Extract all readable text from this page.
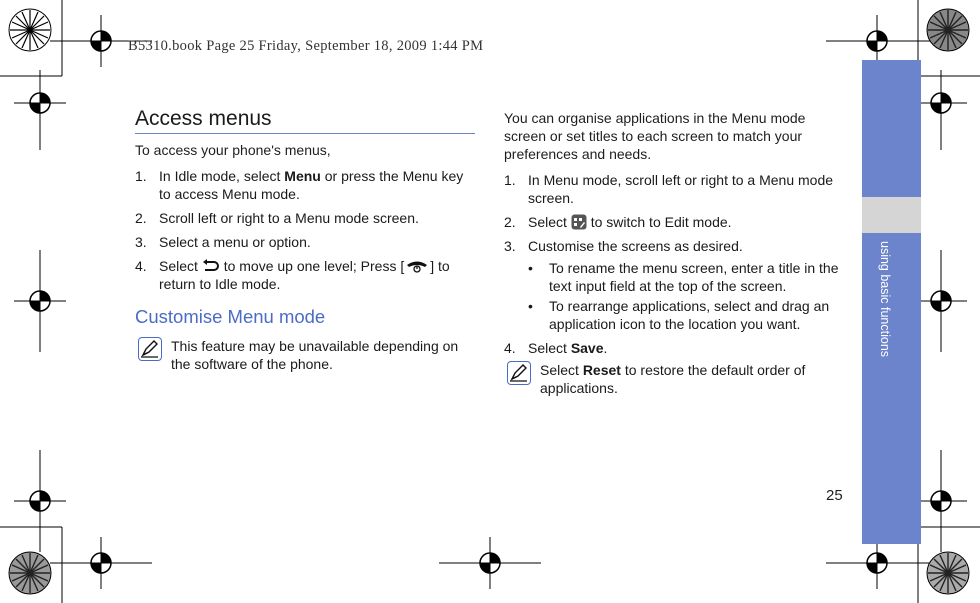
B5310.book Page 25 Friday, September 18, 2009 1:44 PM
using basic functions
25
Access menus
To access your phone's menus,
1. In Idle mode, select Menu or press the Menu key to access Menu mode.
2. Scroll left or right to a Menu mode screen.
3. Select a menu or option.
4. Select  to move up one level; Press [ ] to return to Idle mode.
Customise Menu mode
This feature may be unavailable depending on the software of the phone.
You can organise applications in the Menu mode screen or set titles to each screen to match your preferences and needs.
1. In Menu mode, scroll left or right to a Menu mode screen.
2. Select  to switch to Edit mode.
3. Customise the screens as desired.
• To rename the menu screen, enter a title in the text input field at the top of the screen.
• To rearrange applications, select and drag an application icon to the location you want.
4. Select Save.
Select Reset to restore the default order of applications.
